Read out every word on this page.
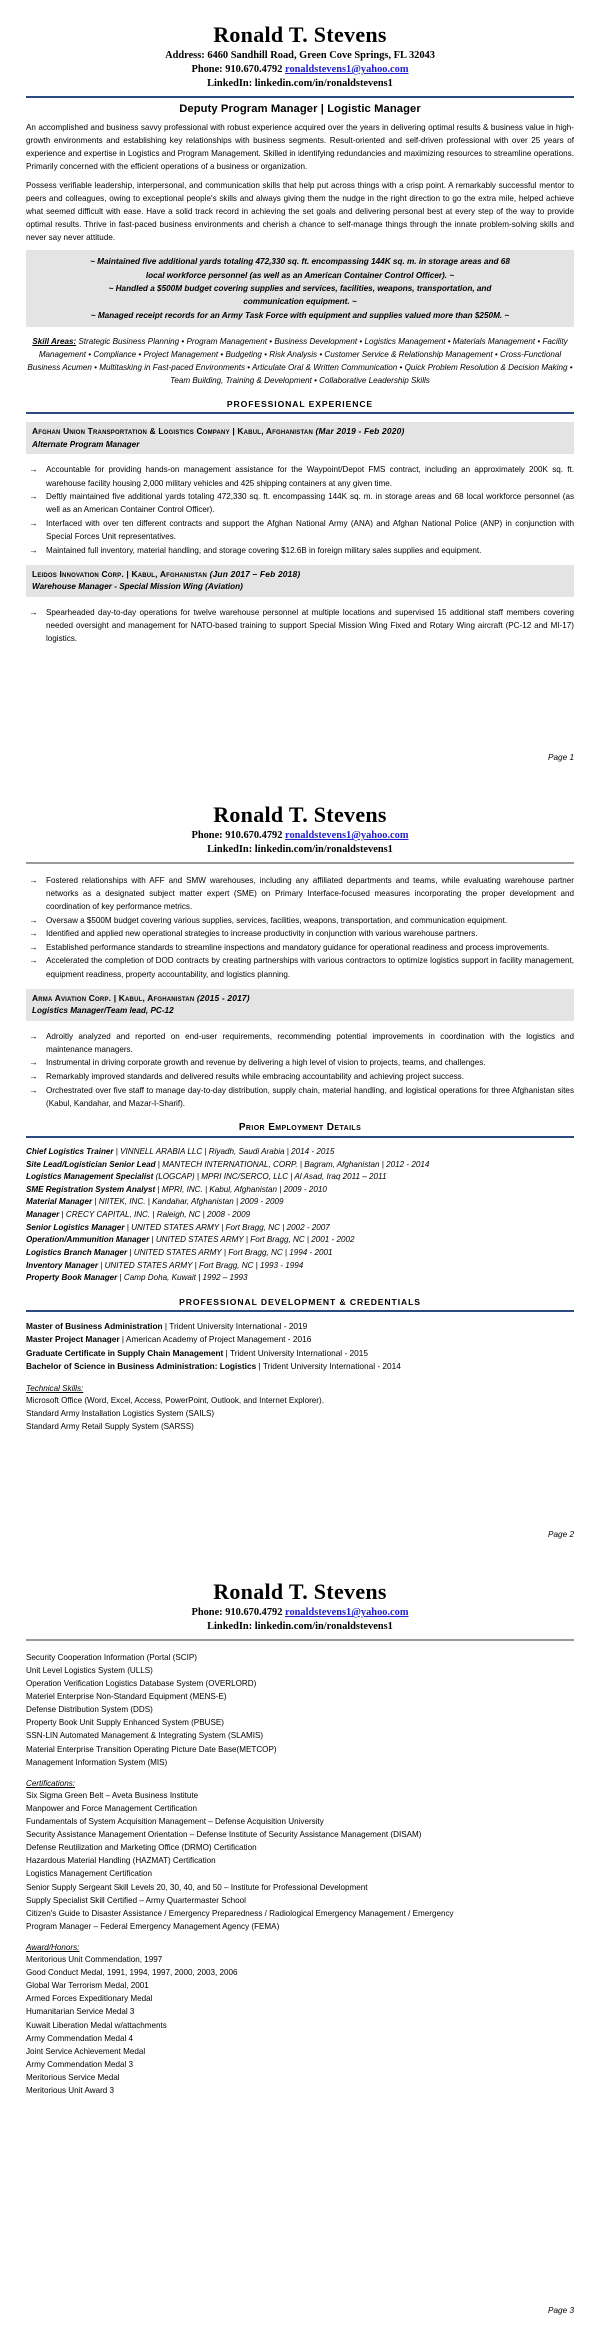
Ronald T. Stevens
Address: 6460 Sandhill Road, Green Cove Springs, FL 32043
Phone: 910.670.4792 ronaldstevens1@yahoo.com
LinkedIn: linkedin.com/in/ronaldstevens1
Deputy Program Manager | Logistic Manager

An accomplished and business savvy professional with robust experience acquired over the years in delivering optimal results & business value in high-growth environments and establishing key relationships with business segments. Result-oriented and self-driven professional with over 25 years of experience and expertise in Logistics and Program Management. Skilled in identifying redundancies and maximizing resources to streamline operations. Primarily concerned with the efficient operations of a business or organization.

Possess verifiable leadership, interpersonal, and communication skills that help put across things with a crisp point. A remarkably successful mentor to peers and colleagues, owing to exceptional people's skills and always giving them the nudge in the right direction to go the extra mile, helped achieve what seemed difficult with ease. Have a solid track record in achieving the set goals and delivering personal best at every step of the way to provide optimal results. Thrive in fast-paced business environments and cherish a chance to self-manage things through the innate problem-solving skills and never say never attitude.

~ Maintained five additional yards totaling 472,330 sq. ft. encompassing 144K sq. m. in storage areas and 68
local workforce personnel (as well as an American Container Control Officer). ~
~ Handled a $500M budget covering supplies and services, facilities, weapons, transportation, and
communication equipment. ~
~ Managed receipt records for an Army Task Force with equipment and supplies valued more than $250M. ~
Skill Areas: Strategic Business Planning • Program Management • Business Development • Logistics Management • Materials Management • Facility Management • Compliance • Project Management • Budgeting • Risk Analysis • Customer Service & Relationship Management • Cross-Functional Business Acumen • Multitasking in Fast-paced Environments • Articulate Oral & Written Communication • Quick Problem Resolution & Decision Making • Team Building, Training & Development • Collaborative Leadership Skills
PROFESSIONAL EXPERIENCE
Afghan Union Transportation & Logistics Company | Kabul, Afghanistan (Mar 2019 - Feb 2020)
Alternate Program Manager
→ Accountable for providing hands-on management assistance for the Waypoint/Depot FMS contract, including an approximately 200K sq. ft. warehouse facility housing 2,000 military vehicles and 425 shipping containers at any given time.
→ Deftly maintained five additional yards totaling 472,330 sq. ft. encompassing 144K sq. m. in storage areas and 68 local workforce personnel (as well as an American Container Control Officer).
→ Interfaced with over ten different contracts and support the Afghan National Army (ANA) and Afghan National Police (ANP) in conjunction with Special Forces Unit representatives.
→ Maintained full inventory, material handling, and storage covering $12.6B in foreign military sales supplies and equipment.
Leidos Innovation Corp. | Kabul, Afghanistan (Jun 2017 – Feb 2018)
Warehouse Manager - Special Mission Wing (Aviation)
→ Spearheaded day-to-day operations for twelve warehouse personnel at multiple locations and supervised 15 additional staff members covering needed oversight and management for NATO-based training to support Special Mission Wing Fixed and Rotary Wing aircraft (PC-12 and MI-17) logistics.
Page 1
Ronald T. Stevens
Phone: 910.670.4792 ronaldstevens1@yahoo.com
LinkedIn: linkedin.com/in/ronaldstevens1
→ Fostered relationships with AFF and SMW warehouses, including any affiliated departments and teams, while evaluating warehouse partner networks as a designated subject matter expert (SME) on Primary Interface-focused measures incorporating the proper development and coordination of key performance metrics.
→ Oversaw a $500M budget covering various supplies, services, facilities, weapons, transportation, and communication equipment.
→ Identified and applied new operational strategies to increase productivity in conjunction with various warehouse partners.
→ Established performance standards to streamline inspections and mandatory guidance for operational readiness and process improvements.
→ Accelerated the completion of DOD contracts by creating partnerships with various contractors to optimize logistics support in facility management, equipment readiness, property accountability, and logistics planning.
Arma Aviation Corp. | Kabul, Afghanistan (2015 - 2017)
Logistics Manager/Team lead, PC-12
→ Adroitly analyzed and reported on end-user requirements, recommending potential improvements in coordination with the logistics and maintenance managers.
→ Instrumental in driving corporate growth and revenue by delivering a high level of vision to projects, teams, and challenges.
→ Remarkably improved standards and delivered results while embracing accountability and achieving project success.
→ Orchestrated over five staff to manage day-to-day distribution, supply chain, material handling, and logistical operations for three Afghanistan sites (Kabul, Kandahar, and Mazar-I-Sharif).
Prior Employment Details
Chief Logistics Trainer | VINNELL ARABIA LLC | Riyadh, Saudi Arabia | 2014 - 2015
Site Lead/Logistician Senior Lead | MANTECH INTERNATIONAL, CORP. | Bagram, Afghanistan | 2012 - 2014
Logistics Management Specialist (LOGCAP) | MPRI INC/SERCO, LLC | Al Asad, Iraq 2011 – 2011
SME Registration System Analyst | MPRI, INC. | Kabul, Afghanistan | 2009 - 2010
Material Manager | NIITEK, INC. | Kandahar, Afghanistan | 2009 - 2009
Manager | CRECY CAPITAL, INC. | Raleigh, NC | 2008 - 2009
Senior Logistics Manager | UNITED STATES ARMY | Fort Bragg, NC | 2002 - 2007
Operation/Ammunition Manager | UNITED STATES ARMY | Fort Bragg, NC | 2001 - 2002
Logistics Branch Manager | UNITED STATES ARMY | Fort Bragg, NC | 1994 - 2001
Inventory Manager | UNITED STATES ARMY | Fort Bragg, NC | 1993 - 1994
Property Book Manager | Camp Doha, Kuwait | 1992 – 1993
PROFESSIONAL DEVELOPMENT & CREDENTIALS
Master of Business Administration | Trident University International - 2019
Master Project Manager | American Academy of Project Management - 2016
Graduate Certificate in Supply Chain Management | Trident University International - 2015
Bachelor of Science in Business Administration: Logistics | Trident University International - 2014
Technical Skills:
Microsoft Office (Word, Excel, Access, PowerPoint, Outlook, and Internet Explorer).
Standard Army Installation Logistics System (SAILS)
Standard Army Retail Supply System (SARSS)
Page 2
Ronald T. Stevens
Phone: 910.670.4792 ronaldstevens1@yahoo.com
LinkedIn: linkedin.com/in/ronaldstevens1
Security Cooperation Information (Portal (SCIP)
Unit Level Logistics System (ULLS)
Operation Verification Logistics Database System (OVERLORD)
Materiel Enterprise Non-Standard Equipment (MENS-E)
Defense Distribution System (DDS)
Property Book Unit Supply Enhanced System (PBUSE)
SSN-LIN Automated Management & Integrating System (SLAMIS)
Material Enterprise Transition Operating Picture Date Base(METCOP)
Management Information System (MIS)
Certifications:
Six Sigma Green Belt – Aveta Business Institute
Manpower and Force Management Certification
Fundamentals of System Acquisition Management – Defense Acquisition University
Security Assistance Management Orientation – Defense Institute of Security Assistance Management (DISAM)
Defense Reutilization and Marketing Office (DRMO) Certification
Hazardous Material Handling (HAZMAT) Certification
Logistics Management Certification
Senior Supply Sergeant Skill Levels 20, 30, 40, and 50 – Institute for Professional Development
Supply Specialist Skill Certified – Army Quartermaster School
Citizen's Guide to Disaster Assistance / Emergency Preparedness / Radiological Emergency Management / Emergency
Program Manager – Federal Emergency Management Agency (FEMA)
Award/Honors:
Meritorious Unit Commendation, 1997
Good Conduct Medal, 1991, 1994, 1997, 2000, 2003, 2006
Global War Terrorism Medal, 2001
Armed Forces Expeditionary Medal
Humanitarian Service Medal 3
Kuwait Liberation Medal w/attachments
Army Commendation Medal 4
Joint Service Achievement Medal
Army Commendation Medal 3
Meritorious Service Medal
Meritorious Unit Award 3
Page 3
